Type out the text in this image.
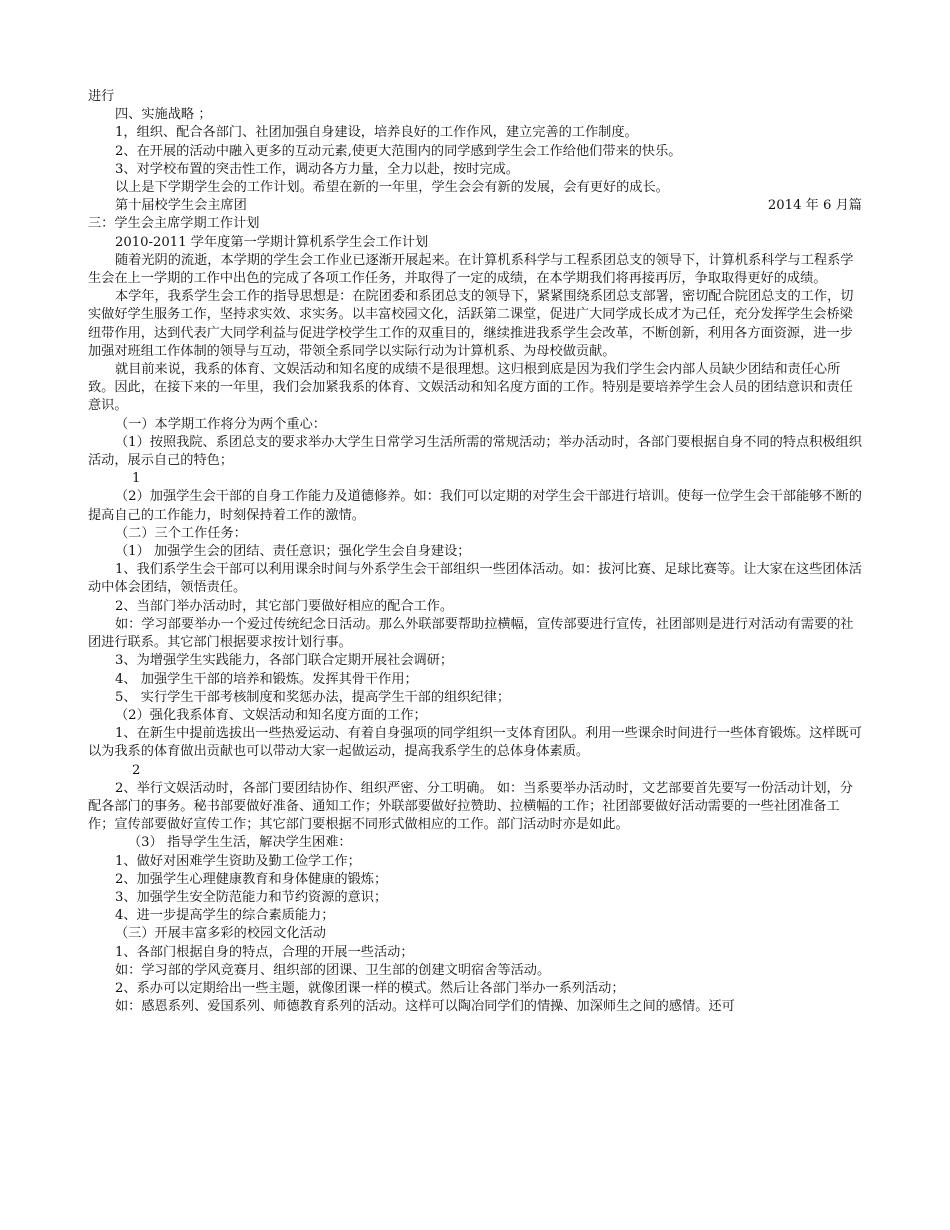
进行

四、实施战略 ；

1，组织、配合各部门、社团加强自身建设，培养良好的工作作风，建立完善的工作制度。

2、在开展的活动中融入更多的互动元素,使更大范围内的同学感到学生会工作给他们带来的快乐。

3、对学校布置的突击性工作，调动各方力量，全力以赴，按时完成。

以上是下学期学生会的工作计划。希望在新的一年里，学生会会有新的发展，会有更好的成长。

第十届校学生会主席团	2014 年 6 月篇

三：学生会主席学期工作计划

2010-2011 学年度第一学期计算机系学生会工作计划

随着光阴的流逝，本学期的学生会工作业已逐渐开展起来。在计算机系科学与工程系团总支的领导下，计算机系科学与工程系学生会在上一学期的工作中出色的完成了各项工作任务，并取得了一定的成绩，在本学期我们将再接再厉，争取取得更好的成绩。

本学年，我系学生会工作的指导思想是：在院团委和系团总支的领导下，紧紧围绕系团总支部署，密切配合院团总支的工作，切实做好学生服务工作，坚持求实效、求实务。以丰富校园文化，活跃第二课堂，促进广大同学成长成才为己任，充分发挥学生会桥梁纽带作用，达到代表广大同学利益与促进学校学生工作的双重目的，继续推进我系学生会改革，不断创新，利用各方面资源，进一步加强对班组工作体制的领导与互动，带领全系同学以实际行动为计算机系、为母校做贡献。

就目前来说，我系的体育、文娱活动和知名度的成绩不是很理想。这归根到底是因为我们学生会内部人员缺少团结和责任心所致。因此，在接下来的一年里，我们会加紧我系的体育、文娱活动和知名度方面的工作。特别是要培养学生会人员的团结意识和责任意识。

（一）本学期工作将分为两个重心：

（1）按照我院、系团总支的要求举办大学生日常学习生活所需的常规活动；举办活动时，各部门要根据自身不同的特点积极组织活动，展示自己的特色；

1

（2）加强学生会干部的自身工作能力及道德修养。如：我们可以定期的对学生会干部进行培训。使每一位学生会干部能够不断的提高自己的工作能力，时刻保持着工作的激情。

（二）三个工作任务：

（1） 加强学生会的团结、责任意识；强化学生会自身建设；

1、我们系学生会干部可以利用课余时间与外系学生会干部组织一些团体活动。如：拔河比赛、足球比赛等。让大家在这些团体活动中体会团结，领悟责任。

2、当部门举办活动时，其它部门要做好相应的配合工作。

如：学习部要举办一个爱过传统纪念日活动。那么外联部要帮助拉横幅，宣传部要进行宣传，社团部则是进行对活动有需要的社团进行联系。其它部门根据要求按计划行事。

3、为增强学生实践能力，各部门联合定期开展社会调研；

4、 加强学生干部的培养和锻炼。发挥其骨干作用；

5、 实行学生干部考核制度和奖惩办法，提高学生干部的组织纪律；

（2）强化我系体育、文娱活动和知名度方面的工作；

1、在新生中提前选拔出一些热爱运动、有着自身强项的同学组织一支体育团队。利用一些课余时间进行一些体育锻炼。这样既可以为我系的体育做出贡献也可以带动大家一起做运动，提高我系学生的总体身体素质。

2

2、举行文娱活动时，各部门要团结协作、组织严密、分工明确。 如：当系要举办活动时，文艺部要首先要写一份活动计划，分配各部门的事务。秘书部要做好准备、通知工作；外联部要做好拉赞助、拉横幅的工作；社团部要做好活动需要的一些社团准备工作；宣传部要做好宣传工作；其它部门要根据不同形式做相应的工作。部门活动时亦是如此。

（3） 指导学生生活，解决学生困难：

1、做好对困难学生资助及勤工俭学工作；

2、加强学生心理健康教育和身体健康的锻炼；

3、加强学生安全防范能力和节约资源的意识；

4、进一步提高学生的综合素质能力；

（三）开展丰富多彩的校园文化活动

1、各部门根据自身的特点，合理的开展一些活动；

如：学习部的学风竞赛月、组织部的团课、卫生部的创建文明宿舍等活动。

2、系办可以定期给出一些主题，就像团课一样的模式。然后让各部门举办一系列活动；

如：感恩系列、爱国系列、师德教育系列的活动。这样可以陶冶同学们的情操、加深师生之间的感情。还可
